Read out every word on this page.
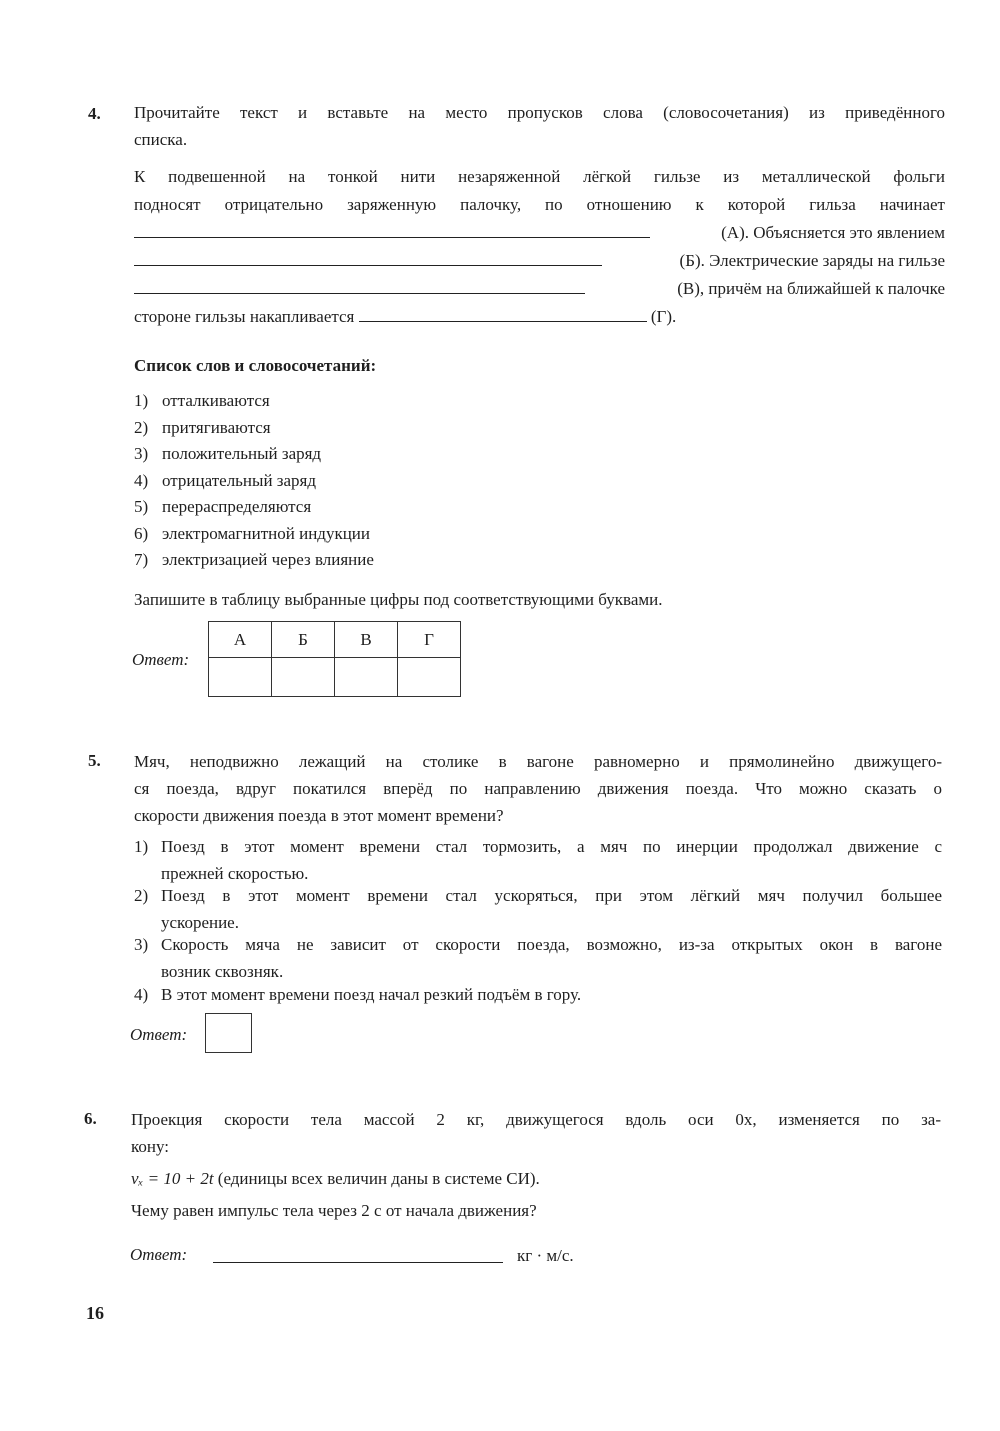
4. Прочитайте текст и вставьте на место пропусков слова (словосочетания) из приведённого
списка.
К подвешенной на тонкой нити незаряженной лёгкой гильзе из металлической фольги
подносят отрицательно заряженную палочку, по отношению к которой гильза начинает
(А). Объясняется это явлением
(Б). Электрические заряды на гильзе
(В), причём на ближайшей к палочке
стороне гильзы накапливается	(Г).
Список слов и словосочетаний:
1) отталкиваются
2) притягиваются
3) положительный заряд
4) отрицательный заряд
5) перераспределяются
6) электромагнитной индукции
7) электризацией через влияние
Запишите в таблицу выбранные цифры под соответствующими буквами.
Ответ:
А	Б	В	Г

5. Мяч, неподвижно лежащий на столике в вагоне равномерно и прямолинейно движущего-
ся поезда, вдруг покатился вперёд по направлению движения поезда. Что можно сказать о
скорости движения поезда в этот момент времени?
1) Поезд в этот момент времени стал тормозить, а мяч по инерции продолжал движение с
прежней скоростью.
2) Поезд в этот момент времени стал ускоряться, при этом лёгкий мяч получил большее
ускорение.
3) Скорость мяча не зависит от скорости поезда, возможно, из-за открытых окон в вагоне
возник сквозняк.
4) В этот момент времени поезд начал резкий подъём в гору.
Ответ:
6. Проекция скорости тела массой 2 кг, движущегося вдоль оси 0x, изменяется по за-
кону:
vₓ = 10 + 2t (единицы всех величин даны в системе СИ).
Чему равен импульс тела через 2 с от начала движения?
Ответ:	кг · м/с.
16
